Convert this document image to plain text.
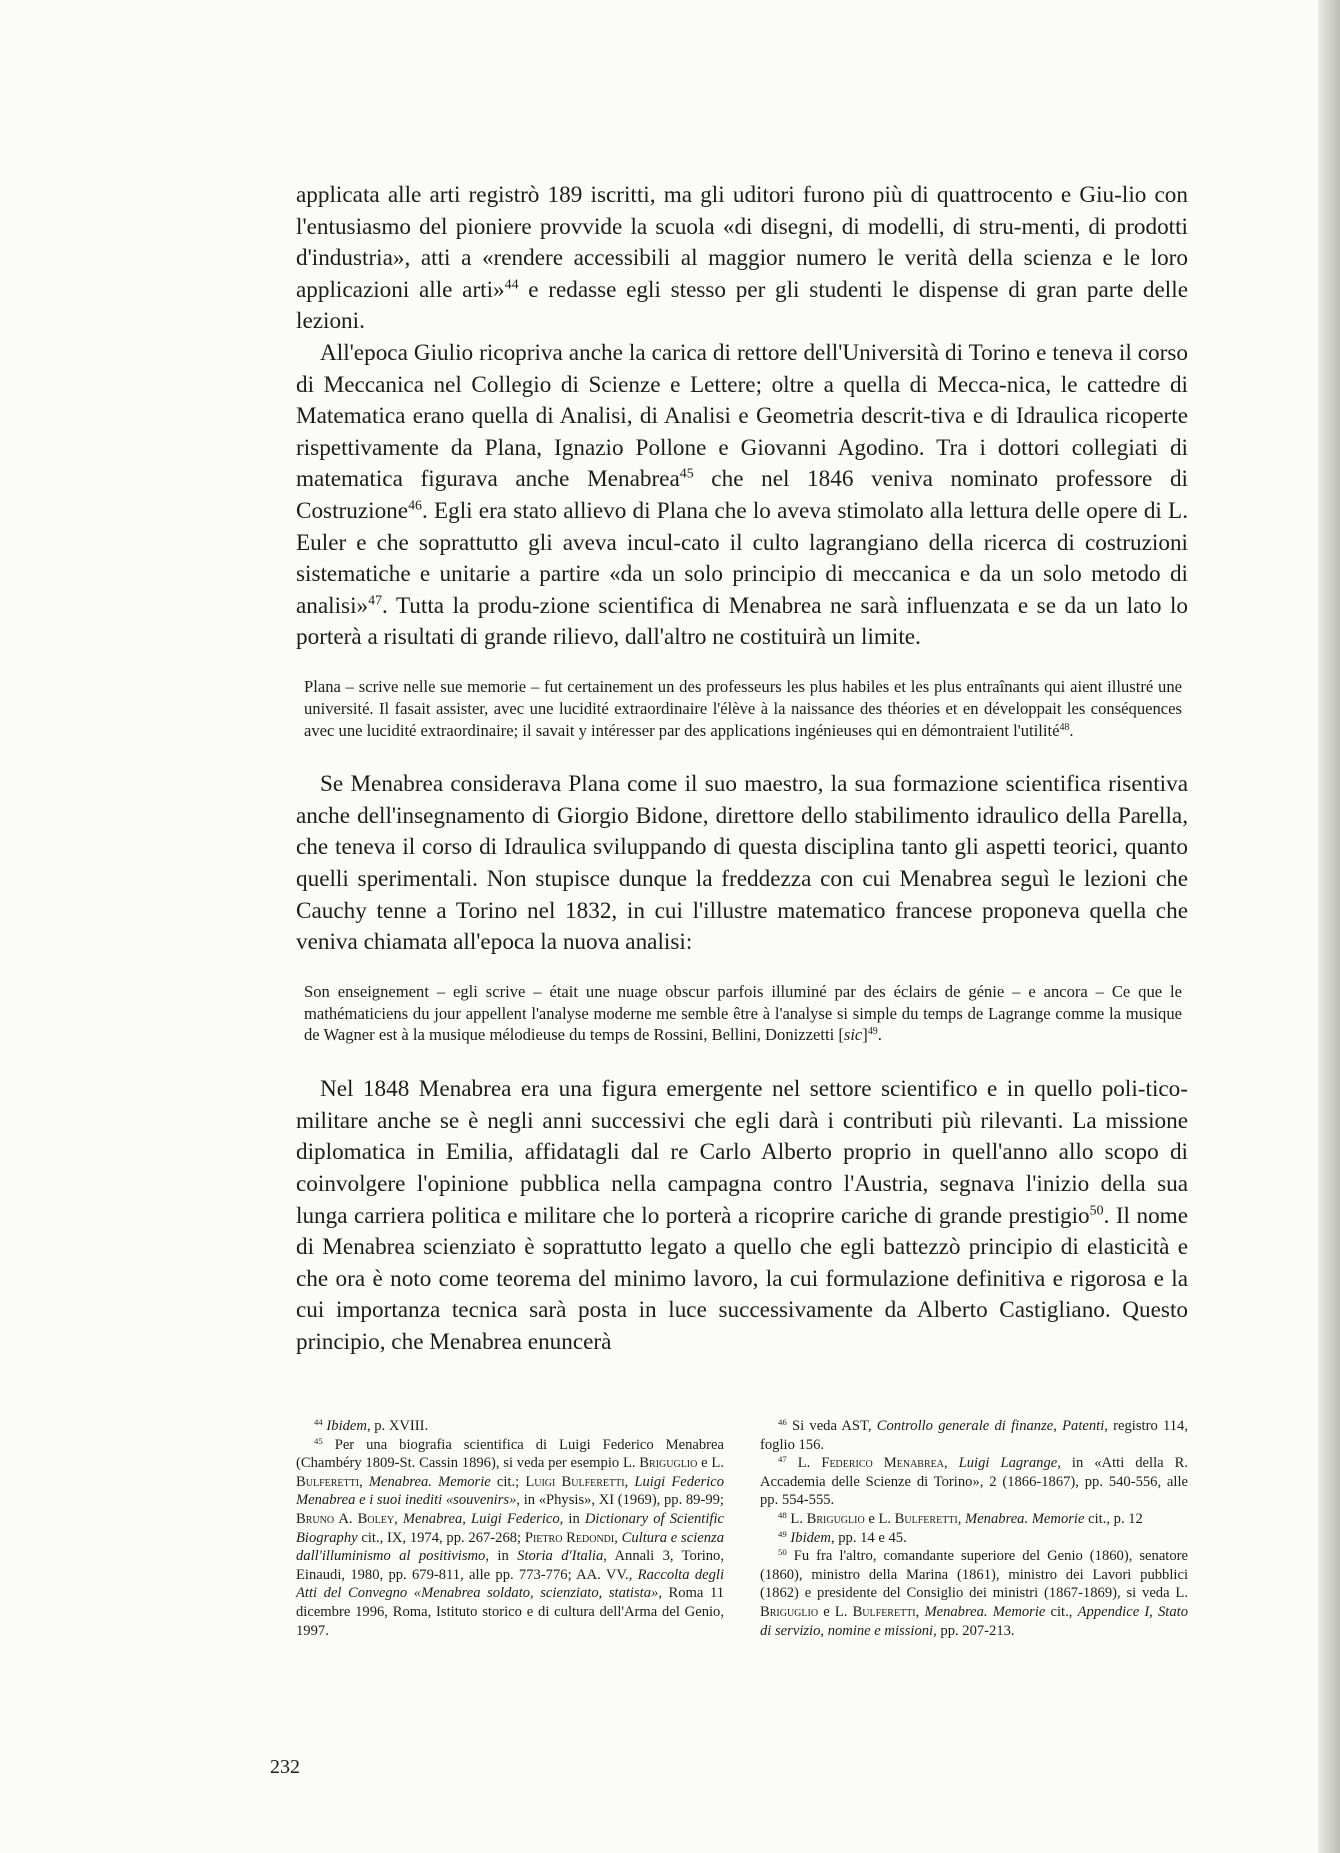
applicata alle arti registrò 189 iscritti, ma gli uditori furono più di quattrocento e Giu-lio con l'entusiasmo del pioniere provvide la scuola «di disegni, di modelli, di stru-menti, di prodotti d'industria», atti a «rendere accessibili al maggior numero le verità della scienza e le loro applicazioni alle arti»$^{44}$ e redasse egli stesso per gli studenti le dispense di gran parte delle lezioni.

All'epoca Giulio ricopriva anche la carica di rettore dell'Università di Torino e teneva il corso di Meccanica nel Collegio di Scienze e Lettere; oltre a quella di Mecca-nica, le cattedre di Matematica erano quella di Analisi, di Analisi e Geometria descrit-tiva e di Idraulica ricoperte rispettivamente da Plana, Ignazio Pollone e Giovanni Agodino. Tra i dottori collegiati di matematica figurava anche Menabrea$^{45}$ che nel 1846 veniva nominato professore di Costruzione$^{46}$. Egli era stato allievo di Plana che lo aveva stimolato alla lettura delle opere di L. Euler e che soprattutto gli aveva incul-cato il culto lagrangiano della ricerca di costruzioni sistematiche e unitarie a partire «da un solo principio di meccanica e da un solo metodo di analisi»$^{47}$. Tutta la produ-zione scientifica di Menabrea ne sarà influenzata e se da un lato lo porterà a risultati di grande rilievo, dall'altro ne costituirà un limite.

Plana – scrive nelle sue memorie – fut certainement un des professeurs les plus habiles et les plus entraînants qui aient illustré une université. Il fasait assister, avec une lucidité extraordinaire l'élève à la naissance des théories et en développait les conséquences avec une lucidité extraordinaire; il savait y intéresser par des applications ingénieuses qui en démontraient l'utilité$^{48}$.

Se Menabrea considerava Plana come il suo maestro, la sua formazione scientifica risentiva anche dell'insegnamento di Giorgio Bidone, direttore dello stabilimento idraulico della Parella, che teneva il corso di Idraulica sviluppando di questa disciplina tanto gli aspetti teorici, quanto quelli sperimentali. Non stupisce dunque la freddezza con cui Menabrea seguì le lezioni che Cauchy tenne a Torino nel 1832, in cui l'illustre matematico francese proponeva quella che veniva chiamata all'epoca la nuova analisi:

Son enseignement – egli scrive – était une nuage obscur parfois illuminé par des éclairs de génie – e ancora – Ce que le mathématiciens du jour appellent l'analyse moderne me semble être à l'analyse si simple du temps de Lagrange comme la musique de Wagner est à la musique mélodieuse du temps de Rossini, Bellini, Donizzetti [sic]$^{49}$.

Nel 1848 Menabrea era una figura emergente nel settore scientifico e in quello poli-tico-militare anche se è negli anni successivi che egli darà i contributi più rilevanti. La missione diplomatica in Emilia, affidatagli dal re Carlo Alberto proprio in quell'anno allo scopo di coinvolgere l'opinione pubblica nella campagna contro l'Austria, segnava l'inizio della sua lunga carriera politica e militare che lo porterà a ricoprire cariche di grande prestigio$^{50}$. Il nome di Menabrea scienziato è soprattutto legato a quello che egli battezzò principio di elasticità e che ora è noto come teorema del minimo lavoro, la cui formulazione definitiva e rigorosa e la cui importanza tecnica sarà posta in luce successivamente da Alberto Castigliano. Questo principio, che Menabrea enuncerà

$^{44}$ Ibidem, p. XVIII.

$^{45}$ Per una biografia scientifica di Luigi Federico Menabrea (Chambéry 1809-St. Cassin 1896), si veda per esempio L. Briguglio e L. Bulferetti, Menabrea. Memorie cit.; Luigi Bulferetti, Luigi Federico Menabrea e i suoi inediti «souvenirs», in «Physis», XI (1969), pp. 89-99; Bruno A. Boley, Menabrea, Luigi Federico, in Dictionary of Scientific Biography cit., IX, 1974, pp. 267-268; Pietro Redondi, Cultura e scienza dall'illuminismo al positivismo, in Storia d'Italia, Annali 3, Torino, Einaudi, 1980, pp. 679-811, alle pp. 773-776; AA. VV., Raccolta degli Atti del Convegno «Menabrea soldato, scienziato, statista», Roma 11 dicembre 1996, Roma, Istituto storico e di cultura dell'Arma del Genio, 1997.

$^{46}$ Si veda AST, Controllo generale di finanze, Patenti, registro 114, foglio 156.

$^{47}$ L. Federico Menabrea, Luigi Lagrange, in «Atti della R. Accademia delle Scienze di Torino», 2 (1866-1867), pp. 540-556, alle pp. 554-555.

$^{48}$ L. Briguglio e L. Bulferetti, Menabrea. Memorie cit., p. 12

$^{49}$ Ibidem, pp. 14 e 45.

$^{50}$ Fu fra l'altro, comandante superiore del Genio (1860), senatore (1860), ministro della Marina (1861), ministro dei Lavori pubblici (1862) e presidente del Consiglio dei ministri (1867-1869), si veda L. Briguglio e L. Bulferetti, Menabrea. Memorie cit., Appendice I, Stato di servizio, nomine e missioni, pp. 207-213.

232
